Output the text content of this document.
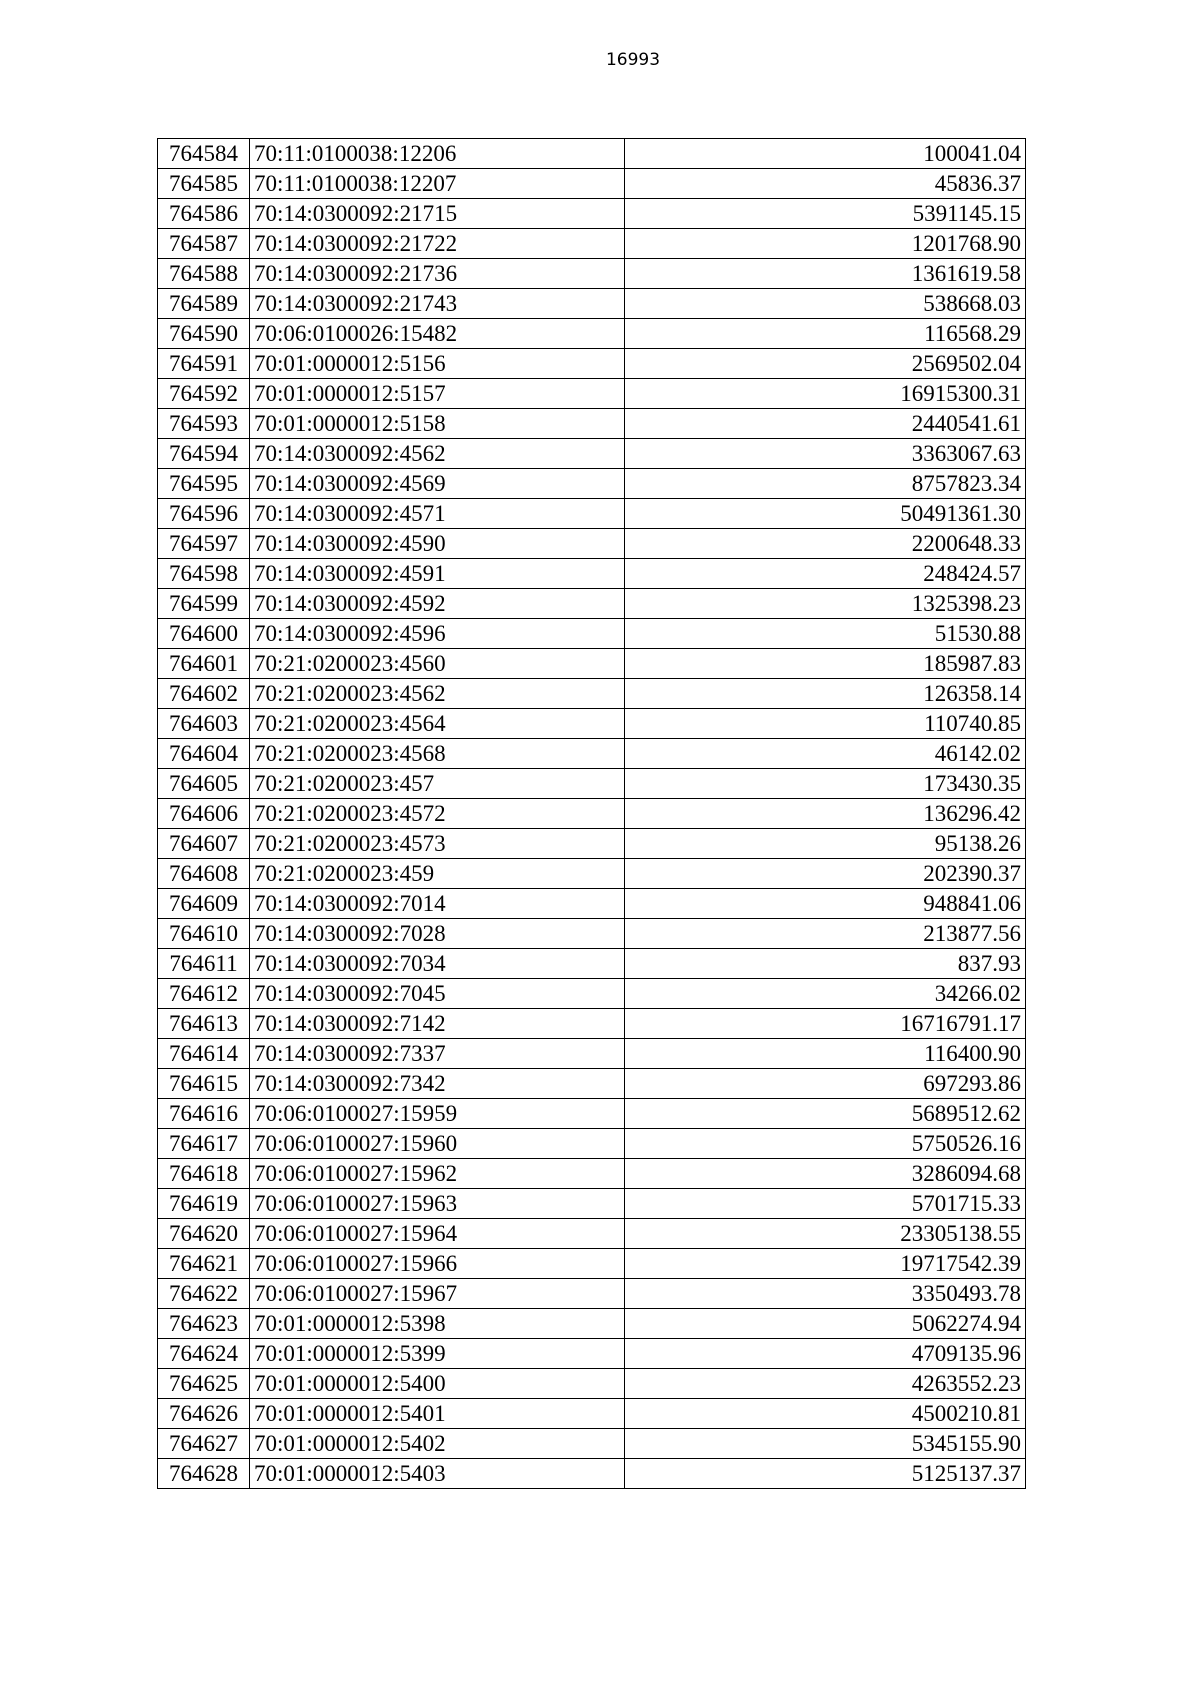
16993
764584	70:11:0100038:12206	100041.04
764585	70:11:0100038:12207	45836.37
764586	70:14:0300092:21715	5391145.15
764587	70:14:0300092:21722	1201768.90
764588	70:14:0300092:21736	1361619.58
764589	70:14:0300092:21743	538668.03
764590	70:06:0100026:15482	116568.29
764591	70:01:0000012:5156	2569502.04
764592	70:01:0000012:5157	16915300.31
764593	70:01:0000012:5158	2440541.61
764594	70:14:0300092:4562	3363067.63
764595	70:14:0300092:4569	8757823.34
764596	70:14:0300092:4571	50491361.30
764597	70:14:0300092:4590	2200648.33
764598	70:14:0300092:4591	248424.57
764599	70:14:0300092:4592	1325398.23
764600	70:14:0300092:4596	51530.88
764601	70:21:0200023:4560	185987.83
764602	70:21:0200023:4562	126358.14
764603	70:21:0200023:4564	110740.85
764604	70:21:0200023:4568	46142.02
764605	70:21:0200023:457	173430.35
764606	70:21:0200023:4572	136296.42
764607	70:21:0200023:4573	95138.26
764608	70:21:0200023:459	202390.37
764609	70:14:0300092:7014	948841.06
764610	70:14:0300092:7028	213877.56
764611	70:14:0300092:7034	837.93
764612	70:14:0300092:7045	34266.02
764613	70:14:0300092:7142	16716791.17
764614	70:14:0300092:7337	116400.90
764615	70:14:0300092:7342	697293.86
764616	70:06:0100027:15959	5689512.62
764617	70:06:0100027:15960	5750526.16
764618	70:06:0100027:15962	3286094.68
764619	70:06:0100027:15963	5701715.33
764620	70:06:0100027:15964	23305138.55
764621	70:06:0100027:15966	19717542.39
764622	70:06:0100027:15967	3350493.78
764623	70:01:0000012:5398	5062274.94
764624	70:01:0000012:5399	4709135.96
764625	70:01:0000012:5400	4263552.23
764626	70:01:0000012:5401	4500210.81
764627	70:01:0000012:5402	5345155.90
764628	70:01:0000012:5403	5125137.37
